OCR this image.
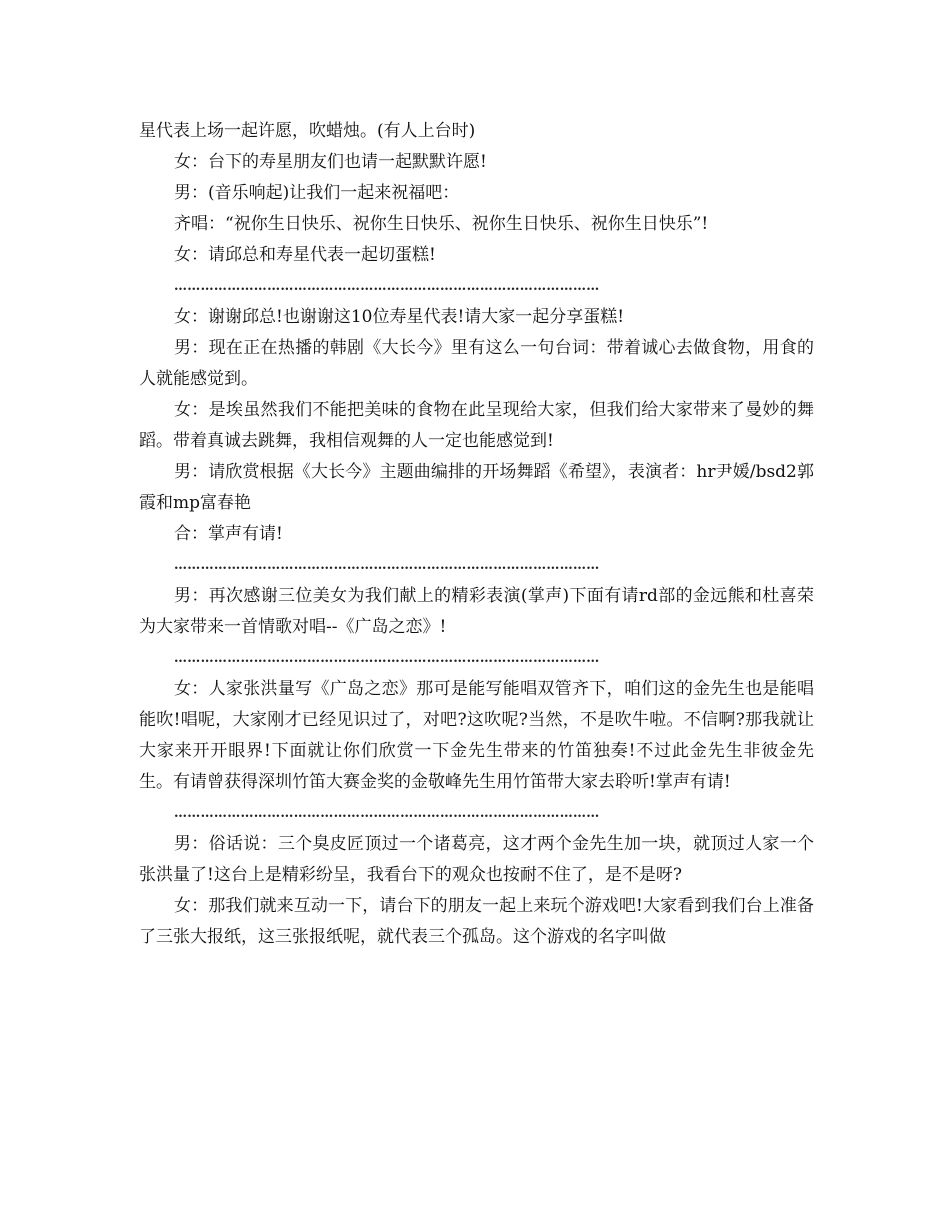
星代表上场一起许愿，吹蜡烛。(有人上台时)

女：台下的寿星朋友们也请一起默默许愿!

男：(音乐响起)让我们一起来祝福吧：

齐唱：“祝你生日快乐、祝你生日快乐、祝你生日快乐、祝你生日快乐”!

女：请邱总和寿星代表一起切蛋糕!

……………………………………………………………………………………

女：谢谢邱总!也谢谢这10位寿星代表!请大家一起分享蛋糕!

男：现在正在热播的韩剧《大长今》里有这么一句台词：带着诚心去做食物，用食的人就能感觉到。

女：是埃虽然我们不能把美味的食物在此呈现给大家，但我们给大家带来了曼妙的舞蹈。带着真诚去跳舞，我相信观舞的人一定也能感觉到!

男：请欣赏根据《大长今》主题曲编排的开场舞蹈《希望》，表演者：hr尹媛/bsd2郭霞和mp富春艳

合：掌声有请!

……………………………………………………………………………………

男：再次感谢三位美女为我们献上的精彩表演(掌声)下面有请rd部的金远熊和杜喜荣为大家带来一首情歌对唱--《广岛之恋》!

……………………………………………………………………………………

女：人家张洪量写《广岛之恋》那可是能写能唱双管齐下，咱们这的金先生也是能唱能吹!唱呢，大家刚才已经见识过了，对吧?这吹呢?当然，不是吹牛啦。不信啊?那我就让大家来开开眼界!下面就让你们欣赏一下金先生带来的竹笛独奏!不过此金先生非彼金先生。有请曾获得深圳竹笛大赛金奖的金敬峰先生用竹笛带大家去聆听!掌声有请!

……………………………………………………………………………………

男：俗话说：三个臭皮匠顶过一个诸葛亮，这才两个金先生加一块，就顶过人家一个张洪量了!这台上是精彩纷呈，我看台下的观众也按耐不住了，是不是呀?

女：那我们就来互动一下，请台下的朋友一起上来玩个游戏吧!大家看到我们台上准备了三张大报纸，这三张报纸呢，就代表三个孤岛。这个游戏的名字叫做
